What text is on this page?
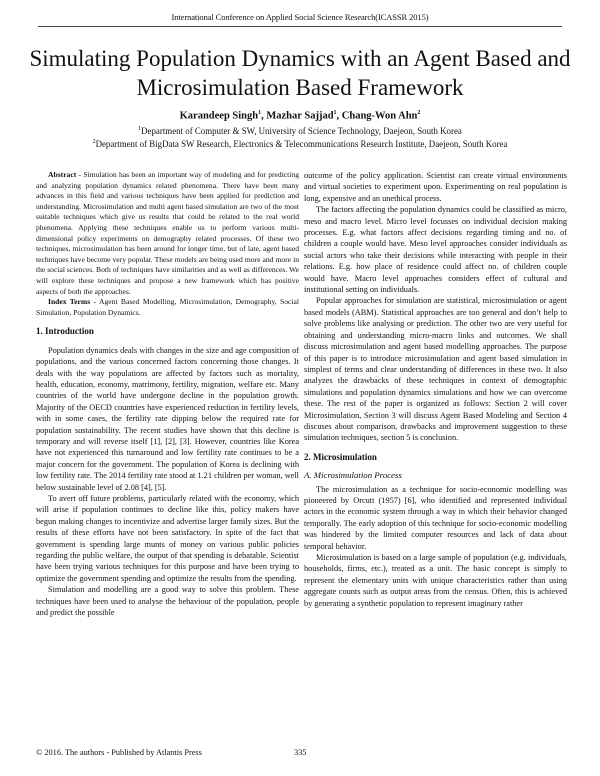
International Conference on Applied Social Science Research(ICASSR 2015)
Simulating Population Dynamics with an Agent Based and
Microsimulation Based Framework
Karandeep Singh$^1$, Mazhar Sajjad$^1$, Chang-Won Ahn$^2$
$^1$Department of Computer & SW, University of Science Technology, Daejeon, South Korea
$^2$Department of BigData SW Research, Electronics & Telecommunications Research Institute, Daejeon, South Korea

Abstract - Simulation has been an important way of modeling and for predicting and analyzing population dynamics related phenomena. There have been many advances in this field and various techniques have been applied for prediction and understanding. Microsimulation and multi agent based simulation are two of the most suitable techniques which give us results that could be related to the real world phenomena. Applying these techniques enable us to perform various multi-dimensional policy experiments on demography related processes. Of these two techniques, microsimulation has been around for longer time, but of late, agent based techniques have become very popular. These models are being used more and more in the social sciences. Both of techniques have similarities and as well as differences. We will explore these techniques and propose a new framework which has positive aspects of both the approaches.

Index Terms - Agent Based Modelling, Microsimulation, Demography, Social Simulation, Population Dynamics.

1. Introduction

Population dynamics deals with changes in the size and age composition of populations, and the various concerned factors concerning those changes. It deals with the way populations are affected by factors such as mortality, health, education, economy, matrimony, fertility, migration, welfare etc. Many countries of the world have undergone decline in the population growth. Majority of the OECD countries have experienced reduction in fertility levels, with in some cases, the fertility rate dipping below the required rate for population sustainability. The recent studies have shown that this decline is temporary and will reverse itself [1], [2], [3]. However, countries like Korea have not experienced this turnaround and low fertility rate continues to be a major concern for the government. The population of Korea is declining with low fertility rate. The 2014 fertility rate stood at 1.21 children per woman, well below sustainable level of 2.08 [4], [5].

To avert off future problems, particularly related with the economy, which will arise if population continues to decline like this, policy makers have begun making changes to incentivize and advertise larger family sizes. But the results of these efforts have not been satisfactory. In spite of the fact that government is spending large munts of money on various public policies regarding the public welfare, the output of that spending is debatable. Scientist have been trying various techniques for this purpose and have been trying to optimize the government spending and optimize the results from the spending.

Simulation and modelling are a good way to solve this problem. These techniques have been used to analyse the behaviour of the population, people and predict the possible

outcome of the policy application. Scientist can create virtual environments and virtual societies to experiment upon. Experimenting on real population is long, expensive and an unethical process.

The factors affecting the population dynamics could be classified as micro, meso and macro level. Micro level focusses on individual decision making processes. E.g. what factors affect decisions regarding timing and no. of children a couple would have. Meso level approaches consider individuals as social actors who take their decisions while interacting with people in their relations. E.g. how place of residence could affect no. of children couple would have. Macro level approaches considers effect of cultural and institutional setting on individuals.

Popular approaches for simulation are statistical, microsimulation or agent based models (ABM). Statistical approaches are too general and don’t help to solve problems like analysing or prediction. The other two are very useful for obtaining and understanding micro-macro links and outcomes. We shall discuss microsimulation and agent based modelling approaches. The purpose of this paper is to introduce microsimulation and agent based simulation in simplest of terms and clear understanding of differences in these two. It also analyzes the drawbacks of these techniques in context of demographic simulations and population dynamics simulations and how we can overcome these. The rest of the paper is organized as follows: Section 2 will cover Microsimulation, Section 3 will discuss Agent Based Modeling and Section 4 discuses about comparison, drawbacks and improvement suggestion to these simulation techniques, section 5 is conclusion.

2. Microsimulation
A. Microsimulation Process

The microsimulation as a technique for socio-economic modelling was pioneered by Orcutt (1957) [6], who identified and represented individual actors in the economic system through a way in which their behavior changed temporally. The early adoption of this technique for socio-economic modelling was hindered by the limited computer resources and lack of data about temporal behavior.

Microsimulation is based on a large sample of population (e.g. individuals, households, firms, etc.), treated as a unit. The basic concept is simply to represent the elementary units with unique characteristics rather than using aggregate counts such as output areas from the census. Often, this is achieved by generating a synthetic population to represent imaginary rather

© 2016. The authors - Published by Atlantis Press	335
